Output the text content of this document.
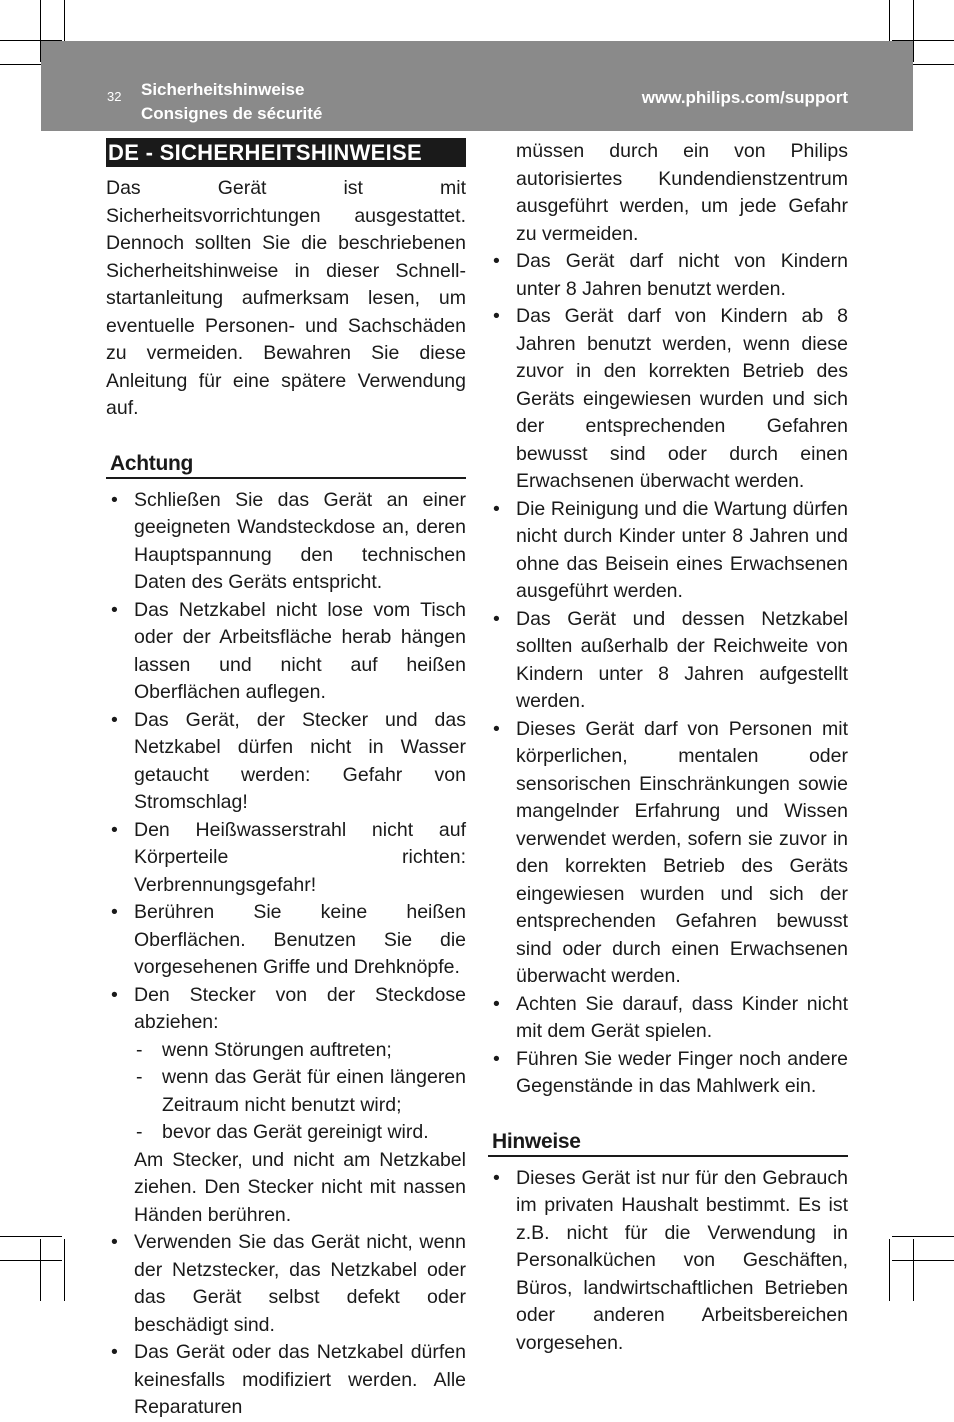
32 Sicherheitshinweise
Consignes de sécurité
www.philips.com/support
DE - SICHERHEITSHINWEISE

Das Gerät ist mit Sicherheitsvorrichtungen ausgestattet. Dennoch sollten Sie die beschriebenen Sicherheitshinweise in dieser Schnellstartanleitung aufmerksam lesen, um eventuelle Personen- und Sachschäden zu vermeiden. Bewahren Sie diese Anleitung für eine spätere Verwendung auf.

Achtung
• Schließen Sie das Gerät an einer geeigneten Wandsteckdose an, deren Hauptspannung den technischen Daten des Geräts entspricht.
• Das Netzkabel nicht lose vom Tisch oder der Arbeitsfläche herab hängen lassen und nicht auf heißen Oberflächen auflegen.
• Das Gerät, der Stecker und das Netzkabel dürfen nicht in Wasser getaucht werden: Gefahr von Stromschlag!
• Den Heißwasserstrahl nicht auf Körperteile richten: Verbrennungsgefahr!
• Berühren Sie keine heißen Oberflächen. Benutzen Sie die vorgesehenen Griffe und Drehknöpfe.
• Den Stecker von der Steckdose abziehen:
- wenn Störungen auftreten;
- wenn das Gerät für einen längeren Zeitraum nicht benutzt wird;
- bevor das Gerät gereinigt wird.
Am Stecker, und nicht am Netzkabel ziehen. Den Stecker nicht mit nassen Händen berühren.
• Verwenden Sie das Gerät nicht, wenn der Netzstecker, das Netzkabel oder das Gerät selbst defekt oder beschädigt sind.
• Das Gerät oder das Netzkabel dürfen keinesfalls modifiziert werden. Alle Reparaturen
müssen durch ein von Philips autorisiertes Kundendienstzentrum ausgeführt werden, um jede Gefahr zu vermeiden.
• Das Gerät darf nicht von Kindern unter 8 Jahren benutzt werden.
• Das Gerät darf von Kindern ab 8 Jahren benutzt werden, wenn diese zuvor in den korrekten Betrieb des Geräts eingewiesen wurden und sich der entsprechenden Gefahren bewusst sind oder durch einen Erwachsenen überwacht werden.
• Die Reinigung und die Wartung dürfen nicht durch Kinder unter 8 Jahren und ohne das Beisein eines Erwachsenen ausgeführt werden.
• Das Gerät und dessen Netzkabel sollten außerhalb der Reichweite von Kindern unter 8 Jahren aufgestellt werden.
• Dieses Gerät darf von Personen mit körperlichen, mentalen oder sensorischen Einschränkungen sowie mangelnder Erfahrung und Wissen verwendet werden, sofern sie zuvor in den korrekten Betrieb des Geräts eingewiesen wurden und sich der entsprechenden Gefahren bewusst sind oder durch einen Erwachsenen überwacht werden.
• Achten Sie darauf, dass Kinder nicht mit dem Gerät spielen.
• Führen Sie weder Finger noch andere Gegenstände in das Mahlwerk ein.
Hinweise
• Dieses Gerät ist nur für den Gebrauch im privaten Haushalt bestimmt. Es ist z.B. nicht für die Verwendung in Personalküchen von Geschäften, Büros, landwirtschaftlichen Betrieben oder anderen Arbeitsbereichen vorgesehen.
